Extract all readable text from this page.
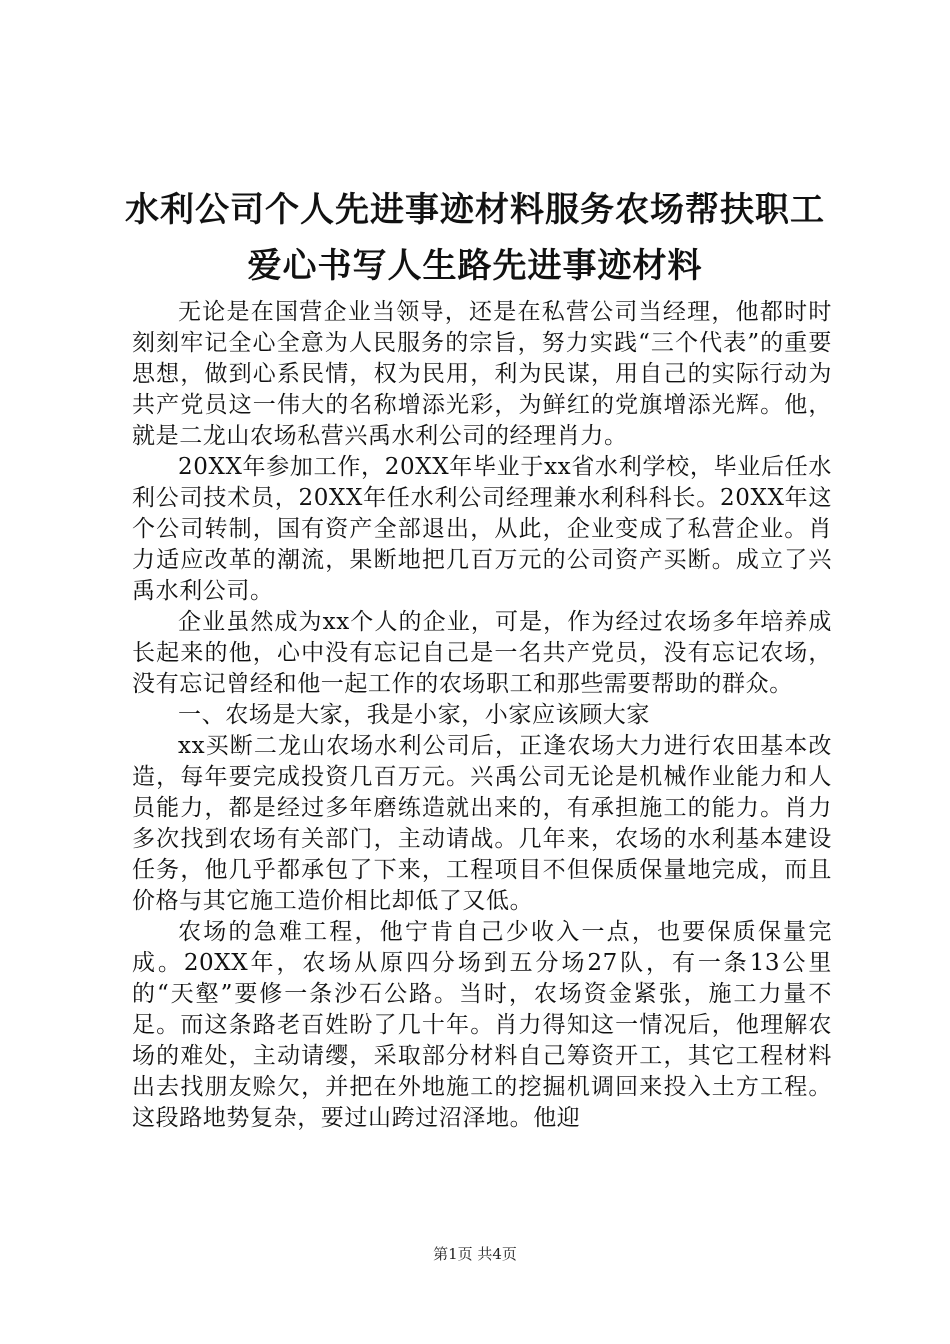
水利公司个人先进事迹材料服务农场帮扶职工
爱心书写人生路先进事迹材料

无论是在国营企业当领导，还是在私营公司当经理，他都时时刻刻牢记全心全意为人民服务的宗旨，努力实践“三个代表”的重要思想，做到心系民情，权为民用，利为民谋，用自己的实际行动为共产党员这一伟大的名称增添光彩，为鲜红的党旗增添光辉。他，就是二龙山农场私营兴禹水利公司的经理肖力。

20XX年参加工作，20XX年毕业于xx省水利学校，毕业后任水利公司技术员，20XX年任水利公司经理兼水利科科长。20XX年这个公司转制，国有资产全部退出，从此，企业变成了私营企业。肖力适应改革的潮流，果断地把几百万元的公司资产买断。成立了兴禹水利公司。

企业虽然成为xx个人的企业，可是，作为经过农场多年培养成长起来的他，心中没有忘记自己是一名共产党员，没有忘记农场，没有忘记曾经和他一起工作的农场职工和那些需要帮助的群众。

一、农场是大家，我是小家，小家应该顾大家

xx买断二龙山农场水利公司后，正逢农场大力进行农田基本改造，每年要完成投资几百万元。兴禹公司无论是机械作业能力和人员能力，都是经过多年磨练造就出来的，有承担施工的能力。肖力多次找到农场有关部门，主动请战。几年来，农场的水利基本建设任务，他几乎都承包了下来，工程项目不但保质保量地完成，而且价格与其它施工造价相比却低了又低。

农场的急难工程，他宁肯自己少收入一点，也要保质保量完成。20XX年，农场从原四分场到五分场27队，有一条13公里的“天壑”要修一条沙石公路。当时，农场资金紧张，施工力量不足。而这条路老百姓盼了几十年。肖力得知这一情况后，他理解农场的难处，主动请缨，采取部分材料自己筹资开工，其它工程材料出去找朋友赊欠，并把在外地施工的挖掘机调回来投入土方工程。这段路地势复杂，要过山跨过沼泽地。他迎

第1页 共4页
